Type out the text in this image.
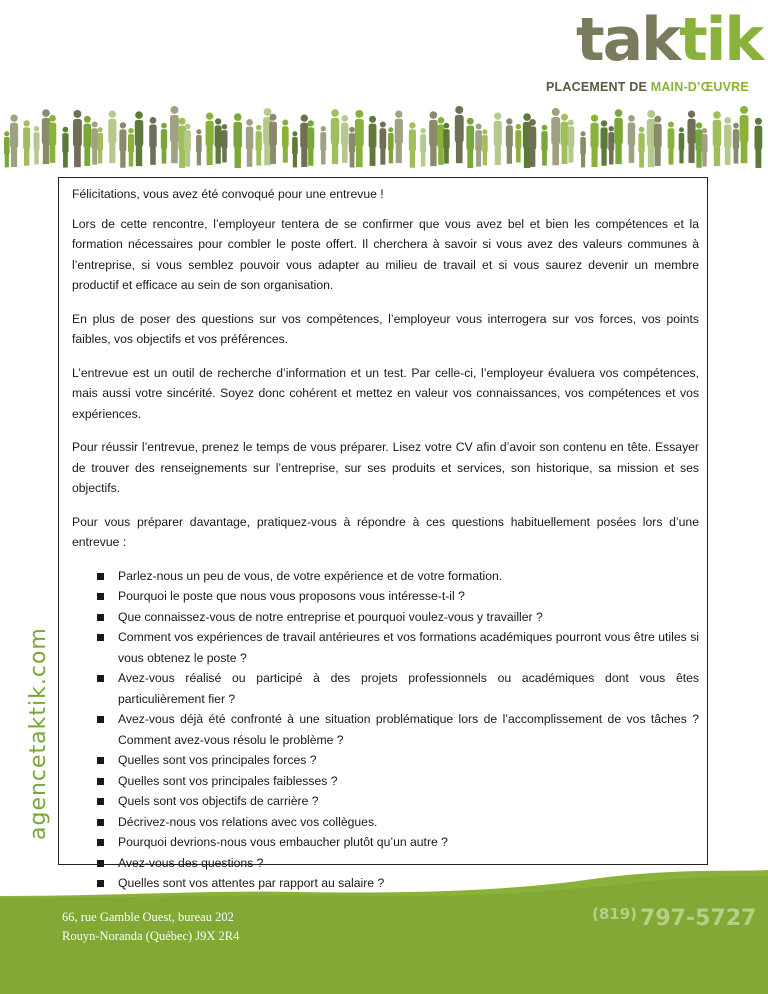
taktik
PLACEMENT DE MAIN-D’ŒUVRE
agencetaktik.com

Félicitations, vous avez été convoqué pour une entrevue !

Lors de cette rencontre, l’employeur tentera de se confirmer que vous avez bel et bien les compétences et la formation nécessaires pour combler le poste offert. Il cherchera à savoir si vous avez des valeurs communes à l’entreprise, si vous semblez pouvoir vous adapter au milieu de travail et si vous saurez devenir un membre productif et efficace au sein de son organisation.

En plus de poser des questions sur vos compétences, l’employeur vous interrogera sur vos forces, vos points faibles, vos objectifs et vos préférences.

L’entrevue est un outil de recherche d’information et un test. Par celle-ci, l’employeur évaluera vos compétences, mais aussi votre sincérité. Soyez donc cohérent et mettez en valeur vos connaissances, vos compétences et vos expériences.

Pour réussir l’entrevue, prenez le temps de vous préparer. Lisez votre CV afin d’avoir son contenu en tête. Essayer de trouver des renseignements sur l’entreprise, sur ses produits et services, son historique, sa mission et ses objectifs.

Pour vous préparer davantage, pratiquez-vous à répondre à ces questions habituellement posées lors d’une entrevue :

Parlez-nous un peu de vous, de votre expérience et de votre formation.
Pourquoi le poste que nous vous proposons vous intéresse-t-il ?
Que connaissez-vous de notre entreprise et pourquoi voulez-vous y travailler ?
Comment vos expériences de travail antérieures et vos formations académiques pourront vous être utiles si vous obtenez le poste ?
Avez-vous réalisé ou participé à des projets professionnels ou académiques dont vous êtes particulièrement fier ?
Avez-vous déjà été confronté à une situation problématique lors de l’accomplissement de vos tâches ? Comment avez-vous résolu le problème ?
Quelles sont vos principales forces ?
Quelles sont vos principales faiblesses ?
Quels sont vos objectifs de carrière ?
Décrivez-nous vos relations avec vos collègues.
Pourquoi devrions-nous vous embaucher plutôt qu’un autre ?
Avez-vous des questions ?
Quelles sont vos attentes par rapport au salaire ?
66, rue Gamble Ouest, bureau 202
Rouyn-Noranda (Québec) J9X 2R4
(819) 797-5727
